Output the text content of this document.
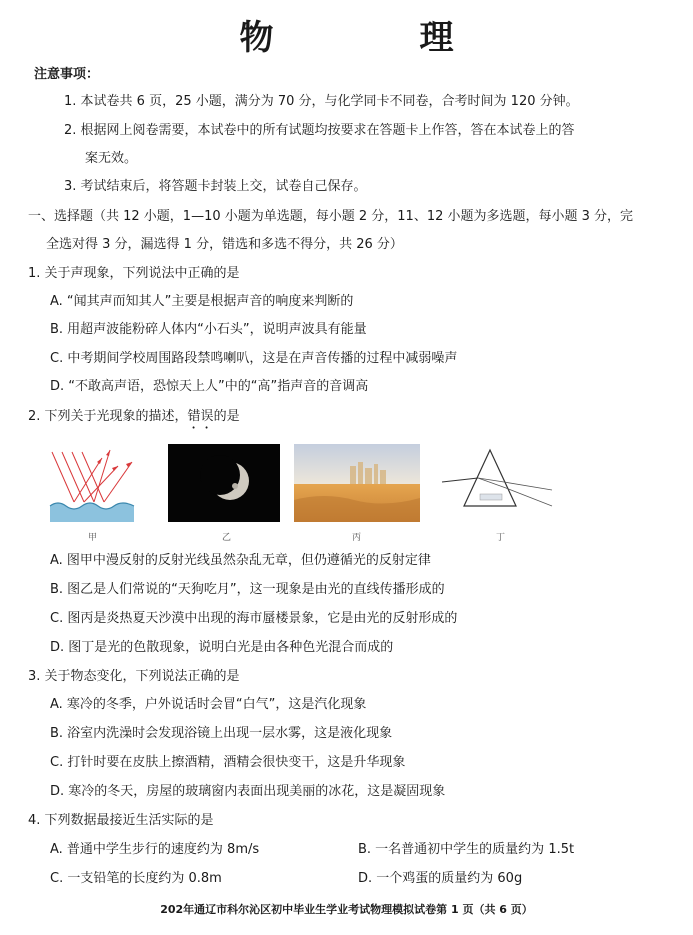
物　理
注意事项：
1. 本试卷共 6 页，25 小题，满分为 70 分，与化学同卡不同卷，合考时间为 120 分钟。
2. 根据网上阅卷需要，本试卷中的所有试题均按要求在答题卡上作答，答在本试卷上的答
案无效。
3. 考试结束后，将答题卡封装上交，试卷自己保存。
一、选择题（共 12 小题，1—10 小题为单选题，每小题 2 分，11、12 小题为多选题，每小题 3 分，完
全选对得 3 分，漏选得 1 分，错选和多选不得分，共 26 分）
1. 关于声现象，下列说法中正确的是
A. “闻其声而知其人”主要是根据声音的响度来判断的
B. 用超声波能粉碎人体内“小石头”，说明声波具有能量
C. 中考期间学校周围路段禁鸣喇叭，这是在声音传播的过程中减弱噪声
D. “不敢高声语，恐惊天上人”中的“高”指声音的音调高
2. 下列关于光现象的描述，错误的是
甲	乙	丙	丁
A. 图甲中漫反射的反射光线虽然杂乱无章，但仍遵循光的反射定律
B. 图乙是人们常说的“天狗吃月”，这一现象是由光的直线传播形成的
C. 图丙是炎热夏天沙漠中出现的海市蜃楼景象，它是由光的反射形成的
D. 图丁是光的色散现象，说明白光是由各种色光混合而成的
3. 关于物态变化，下列说法正确的是
A. 寒冷的冬季，户外说话时会冒“白气”，这是汽化现象
B. 浴室内洗澡时会发现浴镜上出现一层水雾，这是液化现象
C. 打针时要在皮肤上擦酒精，酒精会很快变干，这是升华现象
D. 寒冷的冬天，房屋的玻璃窗内表面出现美丽的冰花，这是凝固现象
4. 下列数据最接近生活实际的是
A. 普通中学生步行的速度约为 8m/s	B. 一名普通初中学生的质量约为 1.5t
C. 一支铅笔的长度约为 0.8m	D. 一个鸡蛋的质量约为 60g
202年通辽市科尔沁区初中毕业生学业考试物理模拟试卷第 1 页（共 6 页）
